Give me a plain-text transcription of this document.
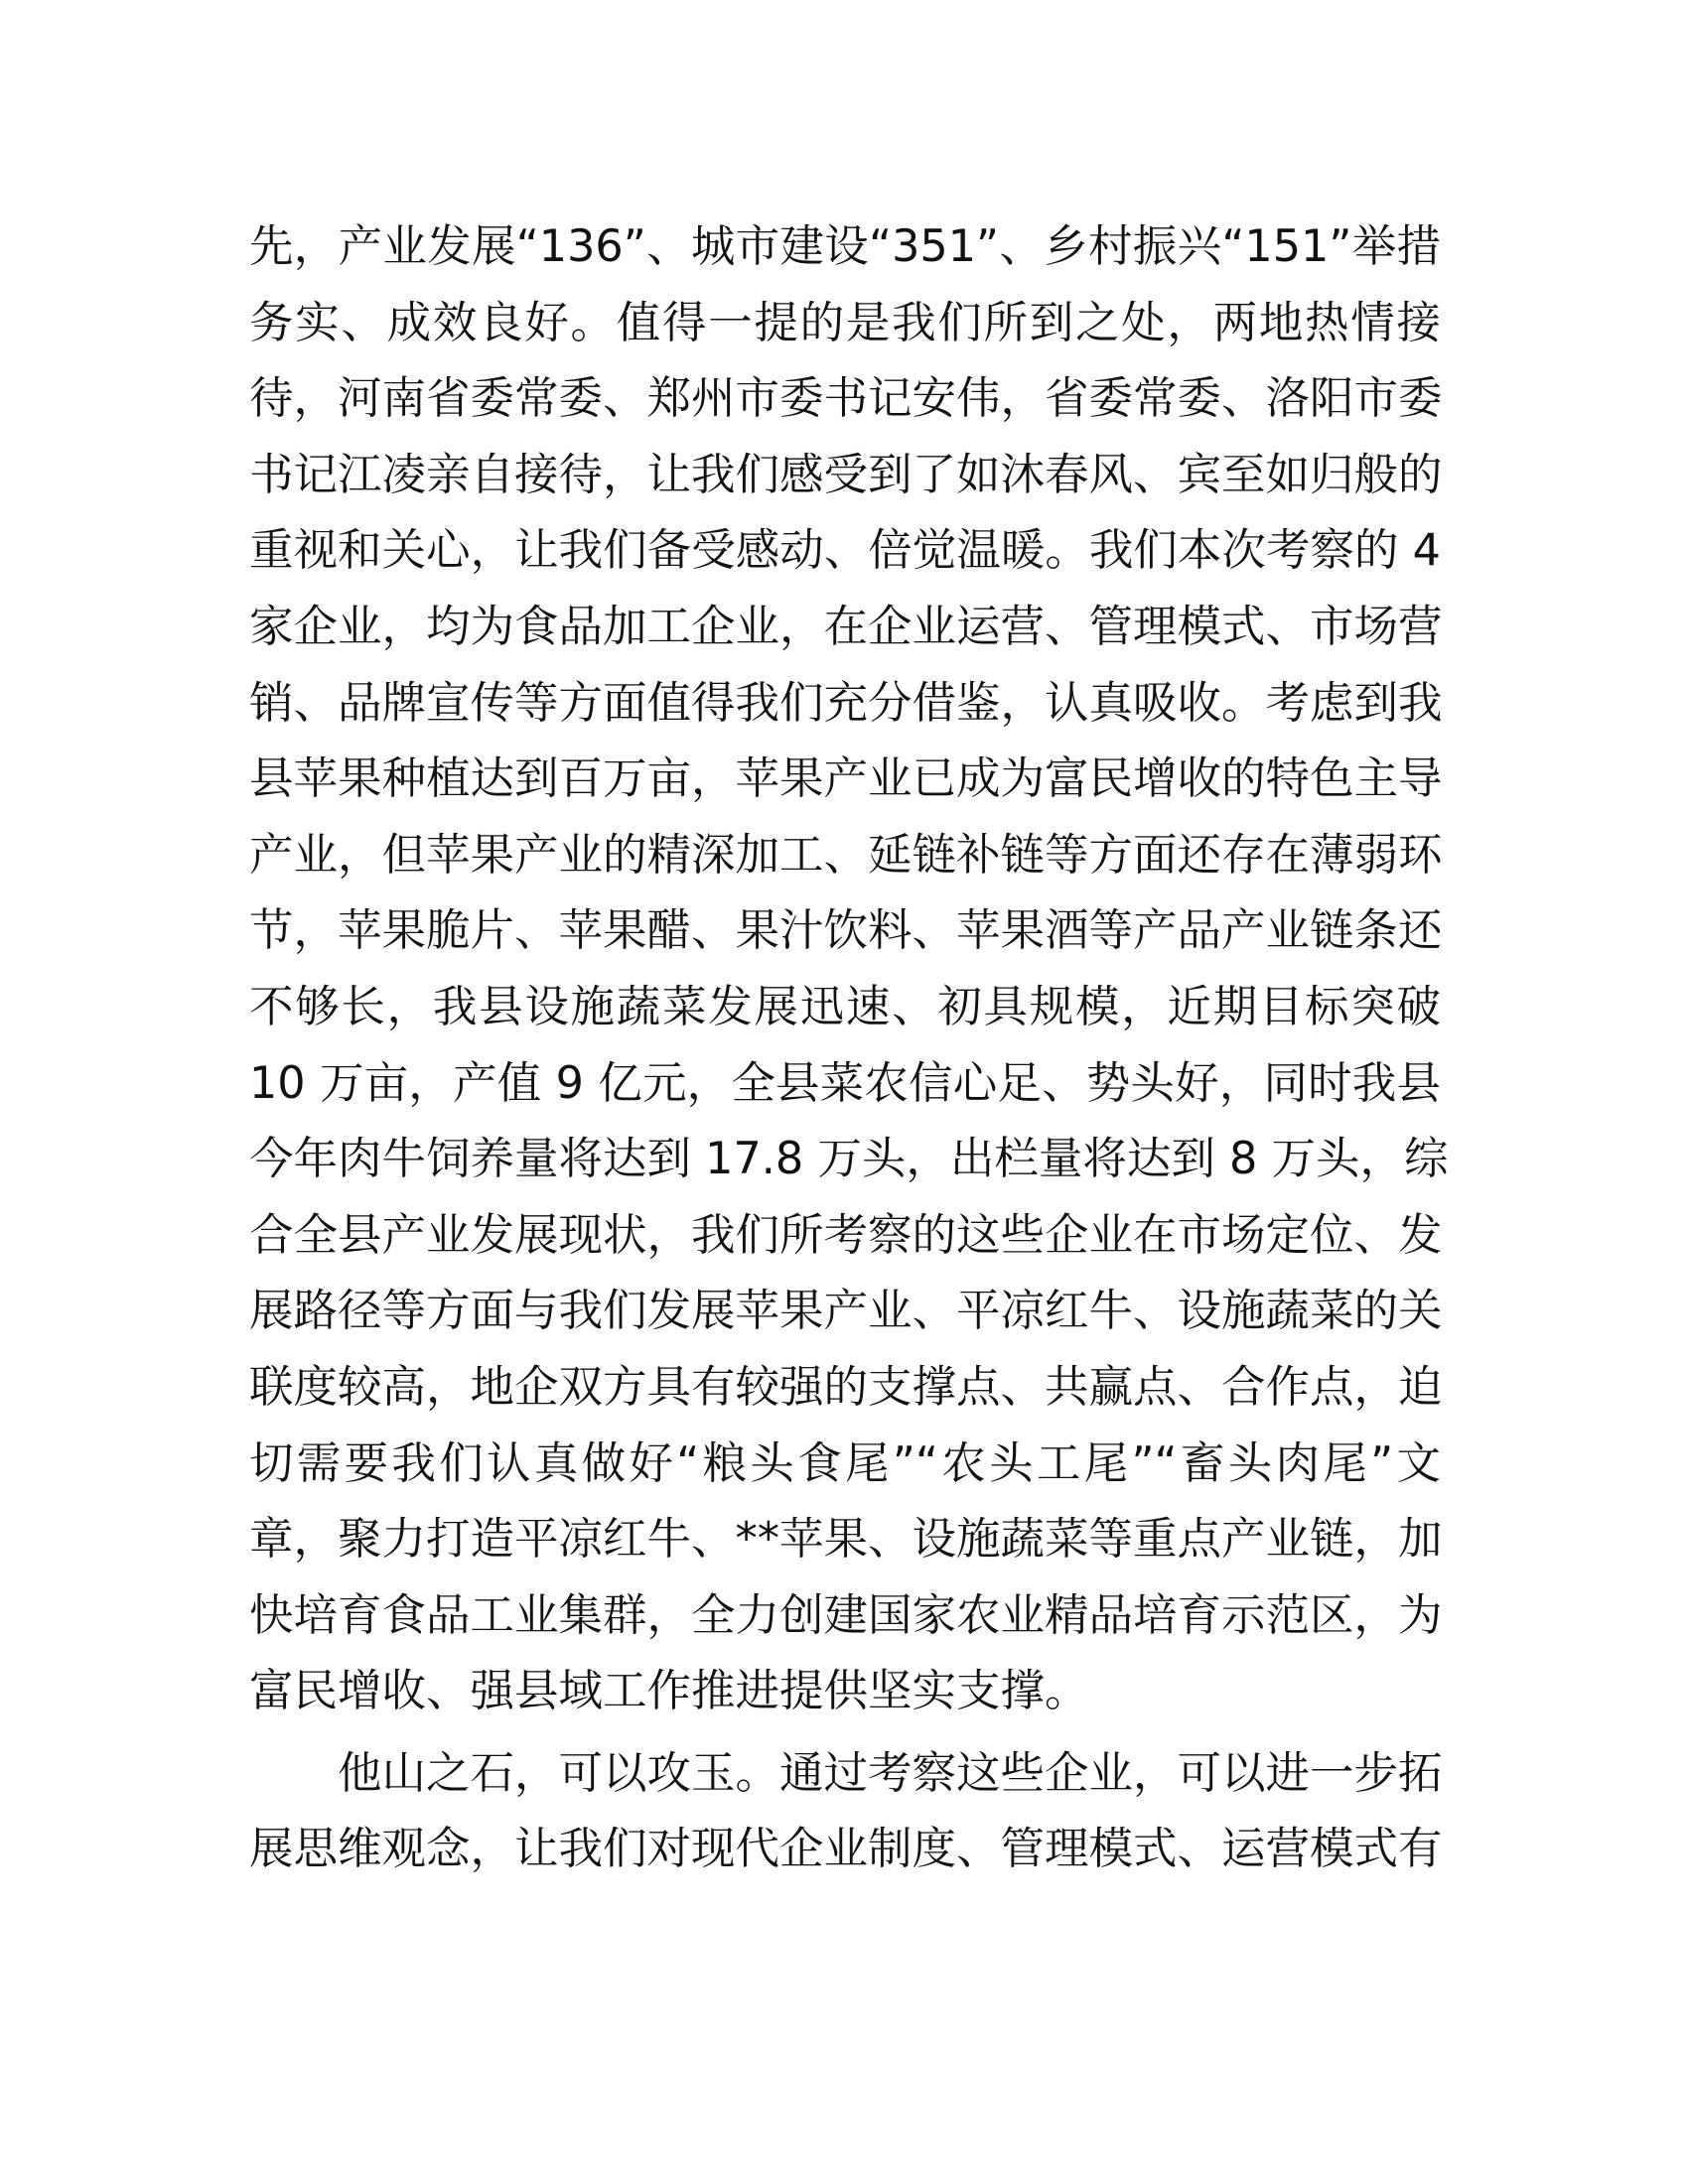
先，产业发展“136”、城市建设“351”、乡村振兴“151”举措
务实、成效良好。值得一提的是我们所到之处，两地热情接
待，河南省委常委、郑州市委书记安伟，省委常委、洛阳市委
书记江凌亲自接待，让我们感受到了如沐春风、宾至如归般的
重视和关心，让我们备受感动、倍觉温暖。我们本次考察的 4
家企业，均为食品加工企业，在企业运营、管理模式、市场营
销、品牌宣传等方面值得我们充分借鉴，认真吸收。考虑到我
县苹果种植达到百万亩，苹果产业已成为富民增收的特色主导
产业，但苹果产业的精深加工、延链补链等方面还存在薄弱环
节，苹果脆片、苹果醋、果汁饮料、苹果酒等产品产业链条还
不够长，我县设施蔬菜发展迅速、初具规模，近期目标突破
10 万亩，产值 9 亿元，全县菜农信心足、势头好，同时我县
今年肉牛饲养量将达到 17.8 万头，出栏量将达到 8 万头，综
合全县产业发展现状，我们所考察的这些企业在市场定位、发
展路径等方面与我们发展苹果产业、平凉红牛、设施蔬菜的关
联度较高，地企双方具有较强的支撑点、共赢点、合作点，迫
切需要我们认真做好“粮头食尾”“农头工尾”“畜头肉尾”文
章，聚力打造平凉红牛、**苹果、设施蔬菜等重点产业链，加
快培育食品工业集群，全力创建国家农业精品培育示范区，为
富民增收、强县域工作推进提供坚实支撑。
他山之石，可以攻玉。通过考察这些企业，可以进一步拓
展思维观念，让我们对现代企业制度、管理模式、运营模式有
